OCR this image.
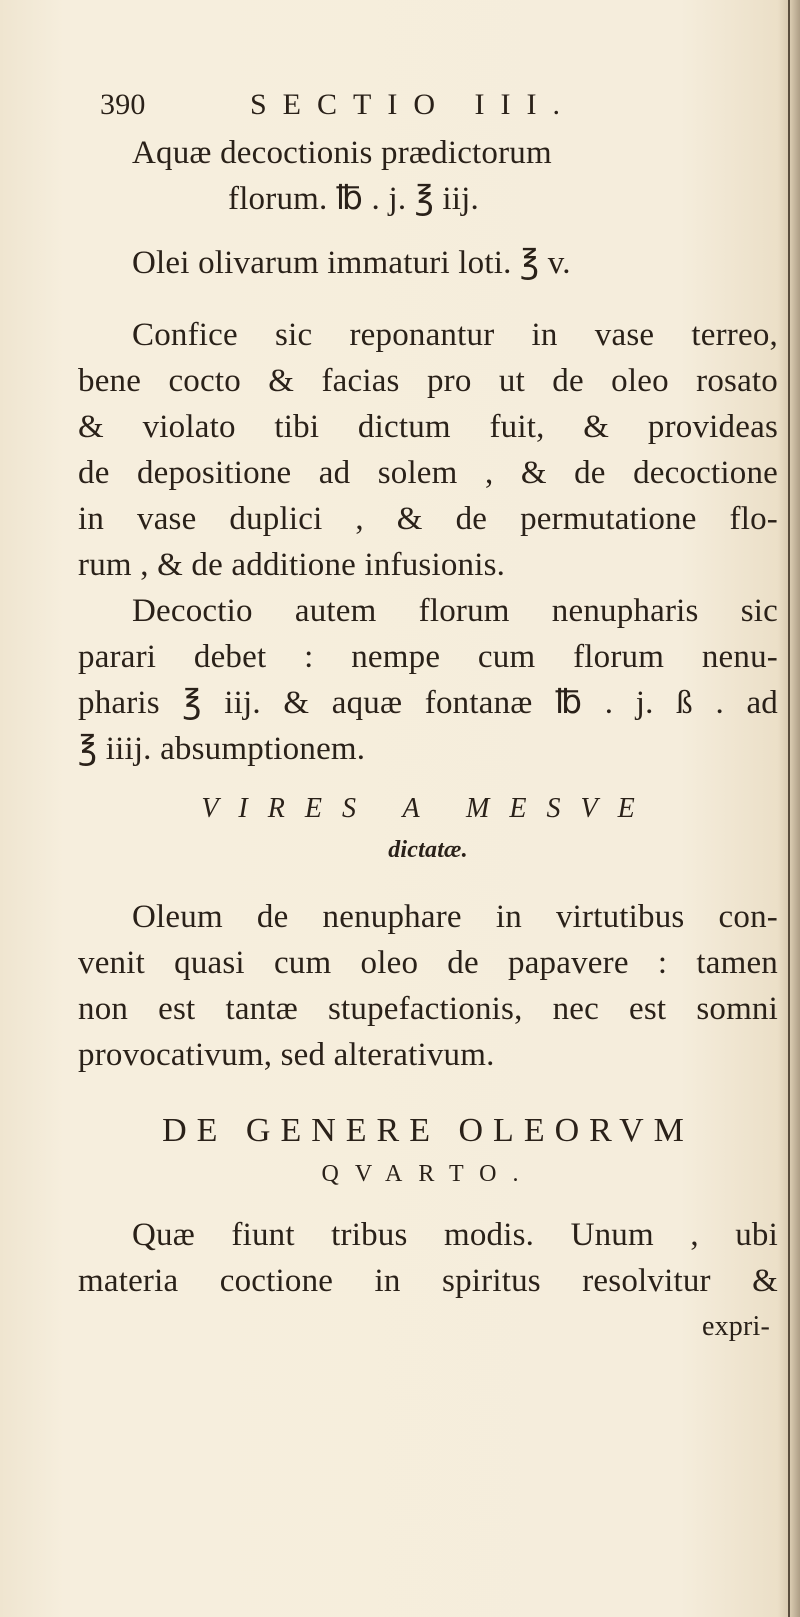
390	SECTIO III.
Aquæ decoctionis prædictorum
florum. ℔ . j. ℥ iij.
Olei olivarum immaturi loti. ℥ v.
Confice sic reponantur in vase terreo,
bene cocto & facias pro ut de oleo rosato
& violato tibi dictum fuit, & provideas
de depositione ad solem , & de decoctione
in vase duplici , & de permutatione flo-
rum , & de additione infusionis.
Decoctio autem florum nenupharis sic
parari debet : nempe cum florum nenu-
pharis ℥ iij. & aquæ fontanæ ℔ . j. ß . ad
℥ iiij. absumptionem.
VIRES A MESVE
dictatæ.
Oleum de nenuphare in virtutibus con-
venit quasi cum oleo de papavere : tamen
non est tantæ stupefactionis, nec est somni
provocativum, sed alterativum.
DE GENERE OLEORVM
QVARTO.
Quæ fiunt tribus modis. Unum , ubi
materia coctione in spiritus resolvitur &
expri-
